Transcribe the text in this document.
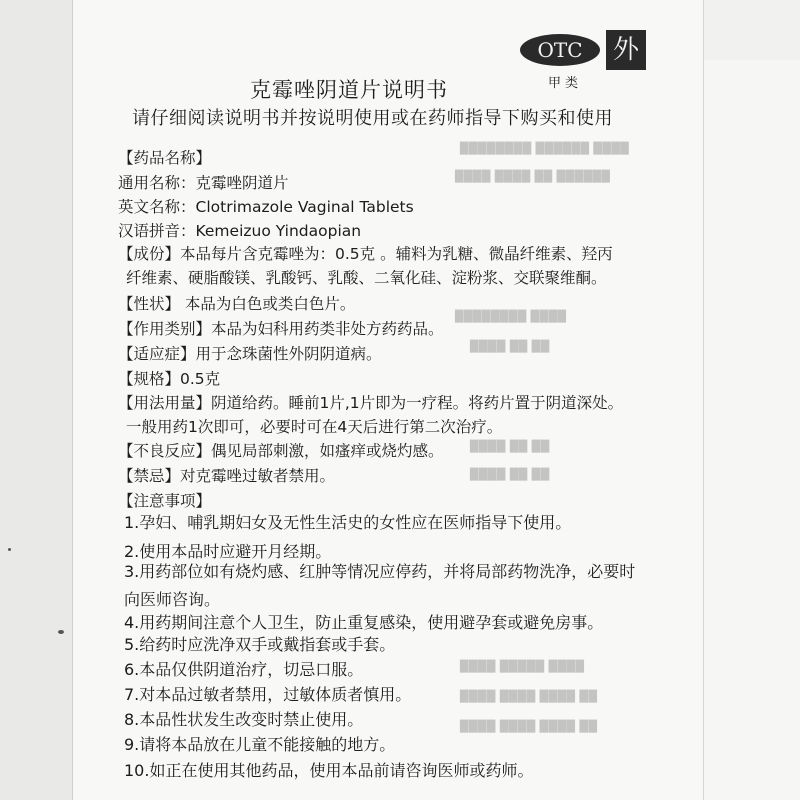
████████ ██████ ████
████ ████ ██ ██████
████████ ████
████ ██ ██
████ ██ ██
████ ██ ██
████ █████ ████
████ ████ ████ ██
████ ████ ████ ██
OTC	外
甲类
克霉唑阴道片说明书
请仔细阅读说明书并按说明使用或在药师指导下购买和使用
【药品名称】
通用名称：克霉唑阴道片
英文名称：Clotrimazole Vaginal Tablets
汉语拼音：Kemeizuo Yindaopian
【成份】本品每片含克霉唑为：0.5克 。辅料为乳糖、微晶纤维素、羟丙
纤维素、硬脂酸镁、乳酸钙、乳酸、二氧化硅、淀粉浆、交联聚维酮。
【性状】 本品为白色或类白色片。
【作用类别】本品为妇科用药类非处方药药品。
【适应症】用于念珠菌性外阴阴道病。
【规格】0.5克
【用法用量】阴道给药。睡前1片,1片即为一疗程。将药片置于阴道深处。
一般用药1次即可，必要时可在4天后进行第二次治疗。
【不良反应】偶见局部刺激，如瘙痒或烧灼感。
【禁忌】对克霉唑过敏者禁用。
【注意事项】
1.孕妇、哺乳期妇女及无性生活史的女性应在医师指导下使用。
2.使用本品时应避开月经期。
3.用药部位如有烧灼感、红肿等情况应停药，并将局部药物洗净，必要时向医师咨询。
4.用药期间注意个人卫生，防止重复感染，使用避孕套或避免房事。
5.给药时应洗净双手或戴指套或手套。
6.本品仅供阴道治疗，切忌口服。
7.对本品过敏者禁用，过敏体质者慎用。
8.本品性状发生改变时禁止使用。
9.请将本品放在儿童不能接触的地方。
10.如正在使用其他药品，使用本品前请咨询医师或药师。
